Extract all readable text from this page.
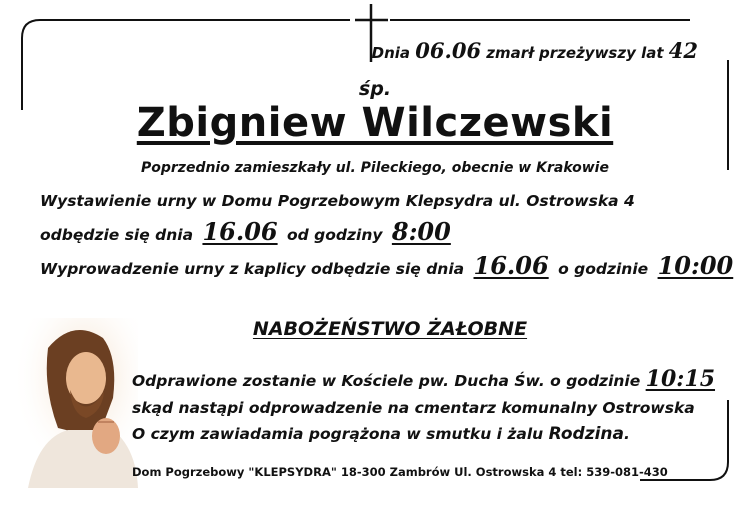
Dnia 06.06 zmarł przeżywszy lat 42
śp.
Zbigniew Wilczewski
Poprzednio zamieszkały ul. Pileckiego, obecnie w Krakowie
Wystawienie urny w Domu Pogrzebowym Klepsydra ul. Ostrowska 4
odbędzie się dnia 16.06 od godziny 8:00
Wyprowadzenie urny z kaplicy odbędzie się dnia 16.06 o godzinie 10:00
NABOŻEŃSTWO ŻAŁOBNE
Odprawione zostanie w Kościele pw. Ducha Św. o godzinie 10:15
skąd nastąpi odprowadzenie na cmentarz komunalny Ostrowska
O czym zawiadamia pogrążona w smutku i żalu Rodzina.
Dom Pogrzebowy "KLEPSYDRA" 18-300 Zambrów Ul. Ostrowska 4 tel: 539-081-430
